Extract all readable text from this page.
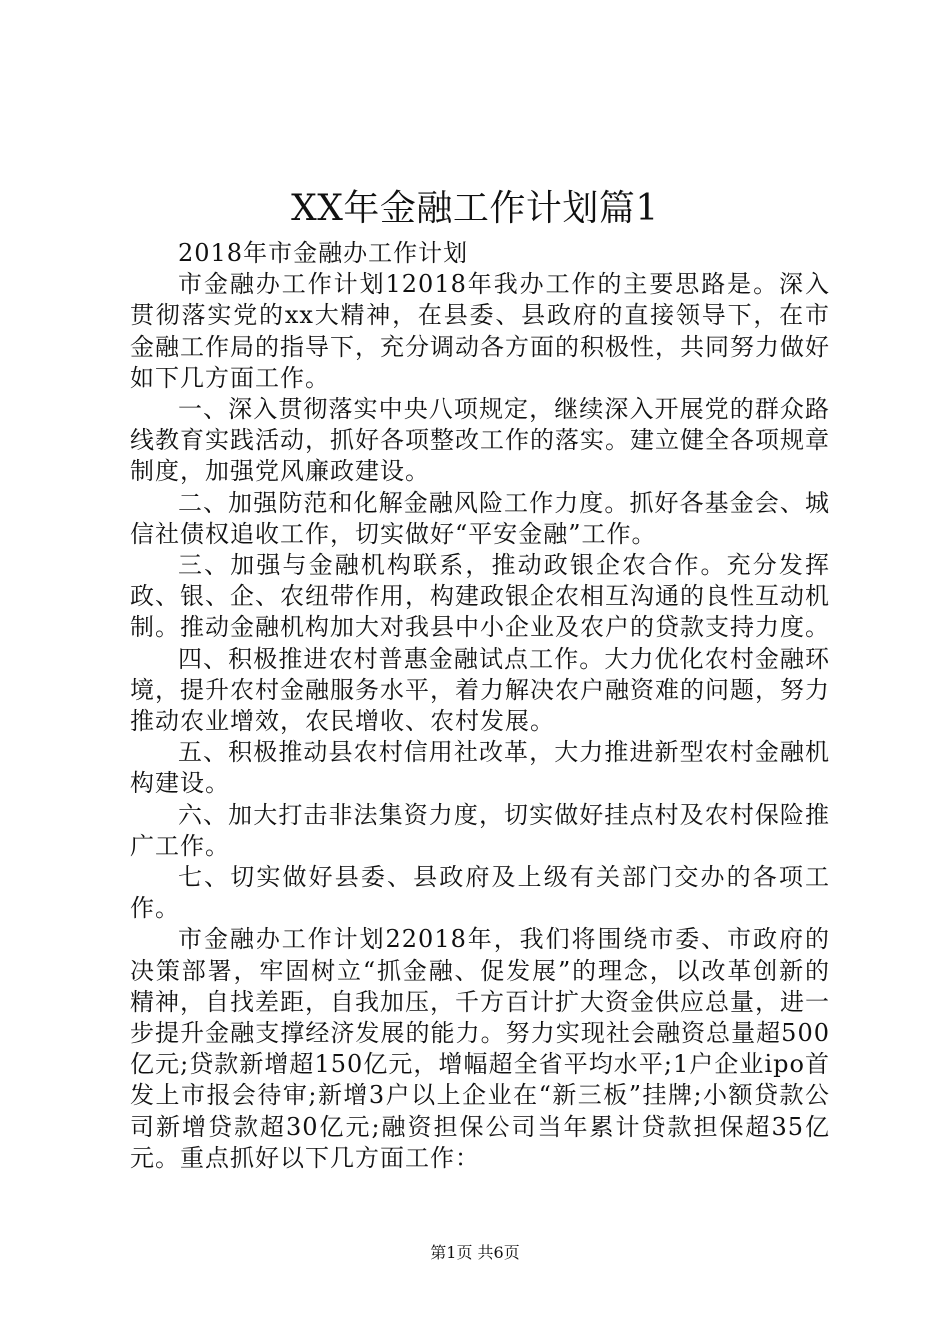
XX年金融工作计划篇1

2018年市金融办工作计划

市金融办工作计划12018年我办工作的主要思路是。深入贯彻落实党的xx大精神，在县委、县政府的直接领导下，在市金融工作局的指导下，充分调动各方面的积极性，共同努力做好如下几方面工作。

一、深入贯彻落实中央八项规定，继续深入开展党的群众路线教育实践活动，抓好各项整改工作的落实。建立健全各项规章制度，加强党风廉政建设。

二、加强防范和化解金融风险工作力度。抓好各基金会、城信社债权追收工作，切实做好“平安金融”工作。

三、加强与金融机构联系，推动政银企农合作。充分发挥政、银、企、农纽带作用，构建政银企农相互沟通的良性互动机制。推动金融机构加大对我县中小企业及农户的贷款支持力度。

四、积极推进农村普惠金融试点工作。大力优化农村金融环境，提升农村金融服务水平，着力解决农户融资难的问题，努力推动农业增效，农民增收、农村发展。

五、积极推动县农村信用社改革，大力推进新型农村金融机构建设。

六、加大打击非法集资力度，切实做好挂点村及农村保险推广工作。

七、切实做好县委、县政府及上级有关部门交办的各项工作。

市金融办工作计划22018年，我们将围绕市委、市政府的决策部署，牢固树立“抓金融、促发展”的理念，以改革创新的精神，自找差距，自我加压，千方百计扩大资金供应总量，进一步提升金融支撑经济发展的能力。努力实现社会融资总量超500亿元;贷款新增超150亿元，增幅超全省平均水平;1户企业ipo首发上市报会待审;新增3户以上企业在“新三板”挂牌;小额贷款公司新增贷款超30亿元;融资担保公司当年累计贷款担保超35亿元。重点抓好以下几方面工作：

第1页 共6页
